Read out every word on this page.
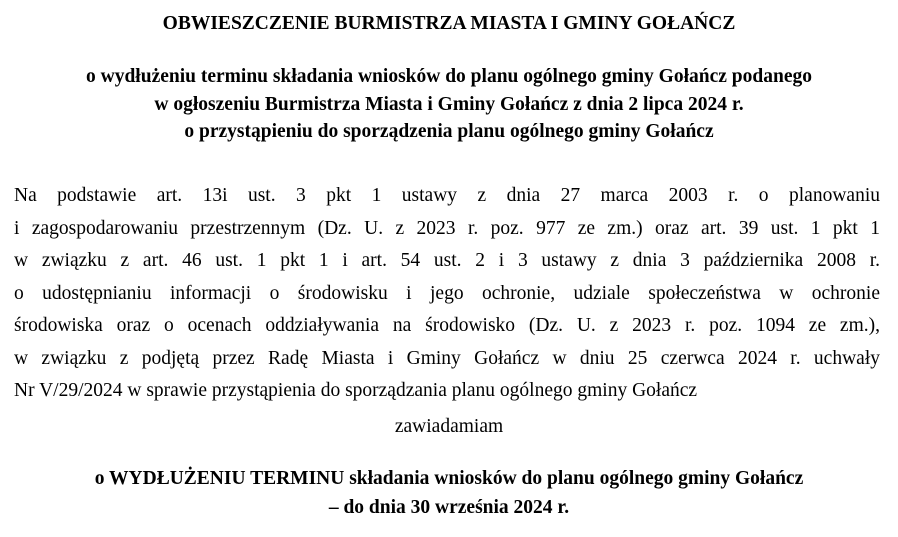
OBWIESZCZENIE BURMISTRZA MIASTA I GMINY GOŁAŃCZ
o wydłużeniu terminu składania wniosków do planu ogólnego gminy Gołańcz podanego
w ogłoszeniu Burmistrza Miasta i Gminy Gołańcz z dnia 2 lipca 2024 r.
o przystąpieniu do sporządzenia planu ogólnego gminy Gołańcz
Na podstawie art. 13i ust. 3 pkt 1 ustawy z dnia 27 marca 2003 r. o planowaniu
i zagospodarowaniu przestrzennym (Dz. U. z 2023 r. poz. 977 ze zm.) oraz art. 39 ust. 1 pkt 1
w związku z art. 46 ust. 1 pkt 1 i art. 54 ust. 2 i 3 ustawy z dnia 3 października 2008 r.
o udostępnianiu informacji o środowisku i jego ochronie, udziale społeczeństwa w ochronie
środowiska oraz o ocenach oddziaływania na środowisko (Dz. U. z 2023 r. poz. 1094 ze zm.),
w związku z podjętą przez Radę Miasta i Gminy Gołańcz w dniu 25 czerwca 2024 r. uchwały
Nr V/29/2024 w sprawie przystąpienia do sporządzania planu ogólnego gminy Gołańcz
zawiadamiam
o WYDŁUŻENIU TERMINU składania wniosków do planu ogólnego gminy Gołańcz
– do dnia 30 września 2024 r.
